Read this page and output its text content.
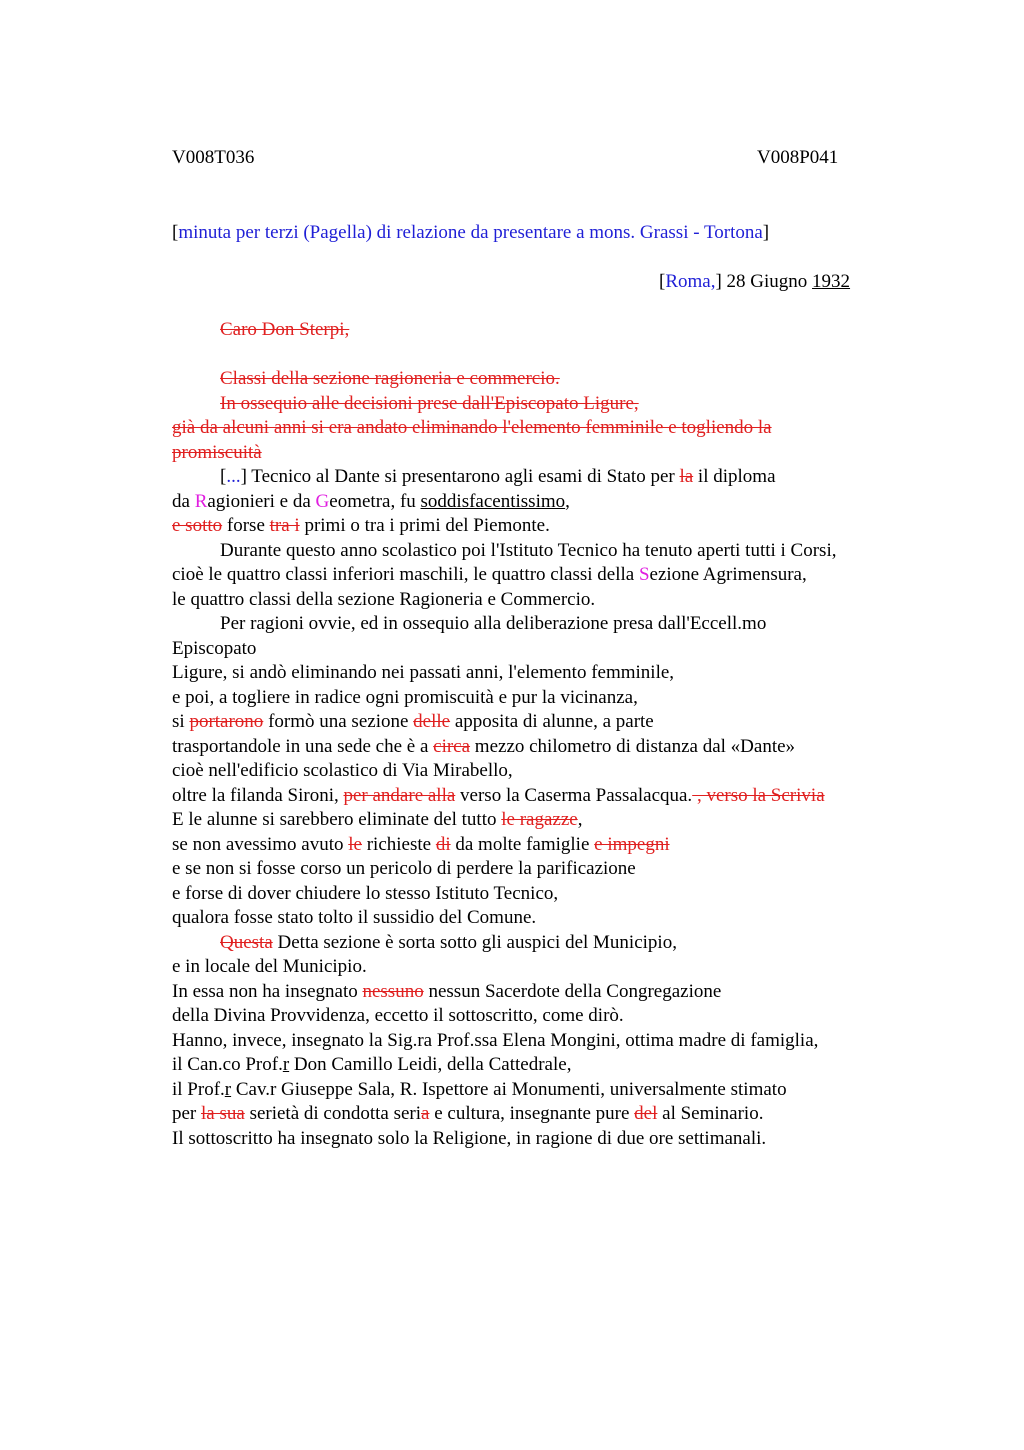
V008T036	V008P041
[minuta per terzi (Pagella) di relazione da presentare a mons. Grassi - Tortona]
[Roma,] 28 Giugno 1932
Caro Don Sterpi,
Classi della sezione ragioneria e commercio.
In ossequio alle decisioni prese dall'Episcopato Ligure,
già da alcuni anni si era andato eliminando l'elemento femminile e togliendo la
promiscuità
[...] Tecnico al Dante si presentarono agli esami di Stato per la il diploma
da Ragionieri e da Geometra, fu soddisfacentissimo,
e sotto forse tra i primi o tra i primi del Piemonte.
Durante questo anno scolastico poi l'Istituto Tecnico ha tenuto aperti tutti i Corsi,
cioè le quattro classi inferiori maschili, le quattro classi della Sezione Agrimensura,
le quattro classi della sezione Ragioneria e Commercio.
Per ragioni ovvie, ed in ossequio alla deliberazione presa dall'Eccell.mo
Episcopato
Ligure, si andò eliminando nei passati anni, l'elemento femminile,
e poi, a togliere in radice ogni promiscuità e pur la vicinanza,
si portarono formò una sezione delle apposita di alunne, a parte
trasportandole in una sede che è a circa mezzo chilometro di distanza dal «Dante»
cioè nell'edificio scolastico di Via Mirabello,
oltre la filanda Sironi, per andare alla verso la Caserma Passalacqua. , verso la Scrivia
E le alunne si sarebbero eliminate del tutto le ragazze,
se non avessimo avuto le richieste di da molte famiglie e impegni
e se non si fosse corso un pericolo di perdere la parificazione
e forse di dover chiudere lo stesso Istituto Tecnico,
qualora fosse stato tolto il sussidio del Comune.
Questa Detta sezione è sorta sotto gli auspici del Municipio,
e in locale del Municipio.
In essa non ha insegnato nessuno nessun Sacerdote della Congregazione
della Divina Provvidenza, eccetto il sottoscritto, come dirò.
Hanno, invece, insegnato la Sig.ra Prof.ssa Elena Mongini, ottima madre di famiglia,
il Can.co Prof.r Don Camillo Leidi, della Cattedrale,
il Prof.r Cav.r Giuseppe Sala, R. Ispettore ai Monumenti, universalmente stimato
per la sua serietà di condotta seria e cultura, insegnante pure del al Seminario.
Il sottoscritto ha insegnato solo la Religione, in ragione di due ore settimanali.
